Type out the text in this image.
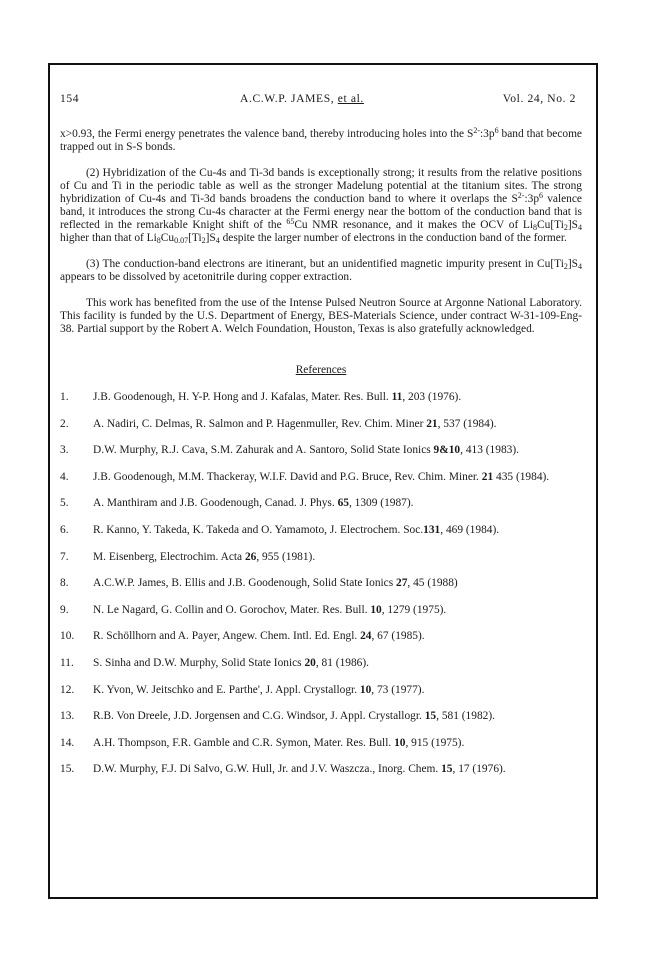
154	A.C.W.P. JAMES, et al.	Vol. 24, No. 2

x>0.93, the Fermi energy penetrates the valence band, thereby introducing holes into the $S^{2-}:3p^6$ band that become trapped out in S-S bonds.

(2) Hybridization of the Cu-4s and Ti-3d bands is exceptionally strong; it results from the relative positions of Cu and Ti in the periodic table as well as the stronger Madelung potential at the titanium sites. The strong hybridization of Cu-4s and Ti-3d bands broadens the conduction band to where it overlaps the $S^{2-}:3p^6$ valence band, it introduces the strong Cu-4s character at the Fermi energy near the bottom of the conduction band that is reflected in the remarkable Knight shift of the $^{65}$Cu NMR resonance, and it makes the OCV of $Li_8Cu[Ti_2]S_4$ higher than that of $Li_8Cu_{0.07}[Ti_2]S_4$ despite the larger number of electrons in the conduction band of the former.

(3) The conduction-band electrons are itinerant, but an unidentified magnetic impurity present in $Cu[Ti_2]S_4$ appears to be dissolved by acetonitrile during copper extraction.

This work has benefited from the use of the Intense Pulsed Neutron Source at Argonne National Laboratory. This facility is funded by the U.S. Department of Energy, BES-Materials Science, under contract W-31-109-Eng-38. Partial support by the Robert A. Welch Foundation, Houston, Texas is also gratefully acknowledged.

References
1.	J.B. Goodenough, H. Y-P. Hong and J. Kafalas, Mater. Res. Bull. 11, 203 (1976).
2.	A. Nadiri, C. Delmas, R. Salmon and P. Hagenmuller, Rev. Chim. Miner 21, 537 (1984).
3.	D.W. Murphy, R.J. Cava, S.M. Zahurak and A. Santoro, Solid State Ionics 9&10, 413 (1983).
4.	J.B. Goodenough, M.M. Thackeray, W.I.F. David and P.G. Bruce, Rev. Chim. Miner. 21 435 (1984).
5.	A. Manthiram and J.B. Goodenough, Canad. J. Phys. 65, 1309 (1987).
6.	R. Kanno, Y. Takeda, K. Takeda and O. Yamamoto, J. Electrochem. Soc.131, 469 (1984).
7.	M. Eisenberg, Electrochim. Acta 26, 955 (1981).
8.	A.C.W.P. James, B. Ellis and J.B. Goodenough, Solid State Ionics 27, 45 (1988)
9.	N. Le Nagard, G. Collin and O. Gorochov, Mater. Res. Bull. 10, 1279 (1975).
10.	R. Schöllhorn and A. Payer, Angew. Chem. Intl. Ed. Engl. 24, 67 (1985).
11.	S. Sinha and D.W. Murphy, Solid State Ionics 20, 81 (1986).
12.	K. Yvon, W. Jeitschko and E. Parthe', J. Appl. Crystallogr. 10, 73 (1977).
13.	R.B. Von Dreele, J.D. Jorgensen and C.G. Windsor, J. Appl. Crystallogr. 15, 581 (1982).
14.	A.H. Thompson, F.R. Gamble and C.R. Symon, Mater. Res. Bull. 10, 915 (1975).
15.	D.W. Murphy, F.J. Di Salvo, G.W. Hull, Jr. and J.V. Waszcza., Inorg. Chem. 15, 17 (1976).
